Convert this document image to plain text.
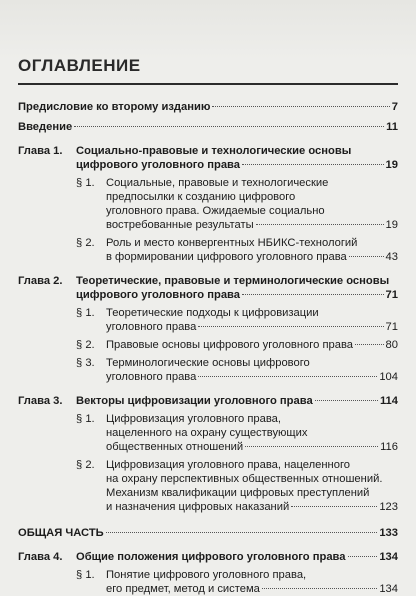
ОГЛАВЛЕНИЕ
Предисловие ко второму изданию	7
Введение	11
Глава 1.	Социально-правовые и технологические основы
цифрового уголовного права	19
§ 1.	Социальные, правовые и технологические
предпосылки к созданию цифрового
уголовного права. Ожидаемые социально
востребованные результаты	19
§ 2.	Роль и место конвергентных НБИКС-технологий
в формировании цифрового уголовного права	43
Глава 2.	Теоретические, правовые и терминологические основы
цифрового уголовного права	71
§ 1.	Теоретические подходы к цифровизации
уголовного права	71
§ 2.	Правовые основы цифрового уголовного права	80
§ 3.	Терминологические основы цифрового
уголовного права	104
Глава 3.	Векторы цифровизации уголовного права	114
§ 1.	Цифровизация уголовного права,
нацеленного на охрану существующих
общественных отношений	116
§ 2.	Цифровизация уголовного права, нацеленного
на охрану перспективных общественных отношений.
Механизм квалификации цифровых преступлений
и назначения цифровых наказаний	123
ОБЩАЯ ЧАСТЬ	133
Глава 4.	Общие положения цифрового уголовного права	134
§ 1.	Понятие цифрового уголовного права,
его предмет, метод и система	134
